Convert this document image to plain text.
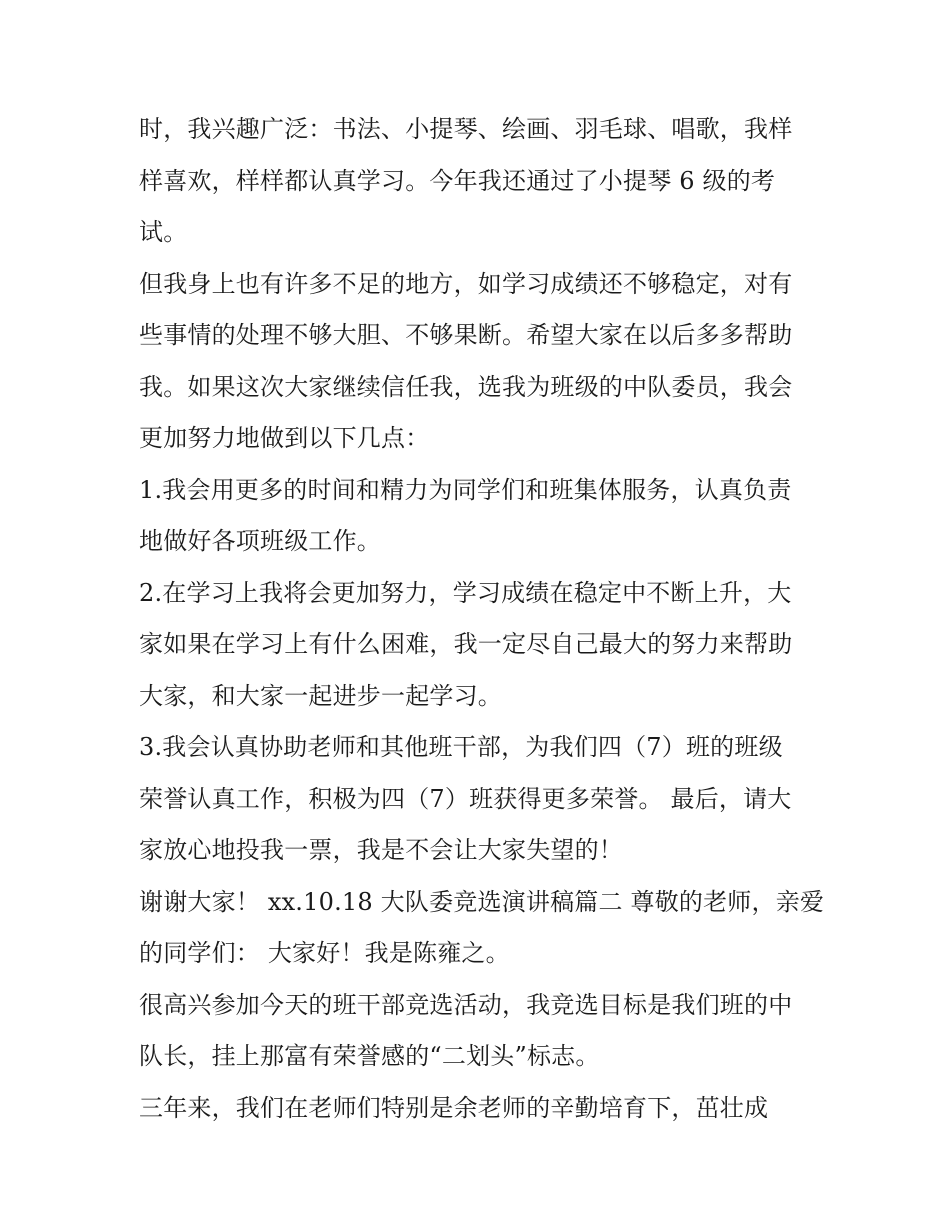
时，我兴趣广泛：书法、小提琴、绘画、羽毛球、唱歌，我样
样喜欢，样样都认真学习。今年我还通过了小提琴 6 级的考
试。
但我身上也有许多不足的地方，如学习成绩还不够稳定，对有
些事情的处理不够大胆、不够果断。希望大家在以后多多帮助
我。如果这次大家继续信任我，选我为班级的中队委员，我会
更加努力地做到以下几点：
1.我会用更多的时间和精力为同学们和班集体服务，认真负责
地做好各项班级工作。
2.在学习上我将会更加努力，学习成绩在稳定中不断上升，大
家如果在学习上有什么困难，我一定尽自己最大的努力来帮助
大家，和大家一起进步一起学习。
3.我会认真协助老师和其他班干部，为我们四（7）班的班级
荣誉认真工作，积极为四（7）班获得更多荣誉。 最后，请大
家放心地投我一票，我是不会让大家失望的！
谢谢大家！ xx.10.18 大队委竞选演讲稿篇二 尊敬的老师，亲爱
的同学们： 大家好！我是陈雍之。
很高兴参加今天的班干部竞选活动，我竞选目标是我们班的中
队长，挂上那富有荣誉感的“二划头”标志。
三年来，我们在老师们特别是余老师的辛勤培育下，茁壮成
